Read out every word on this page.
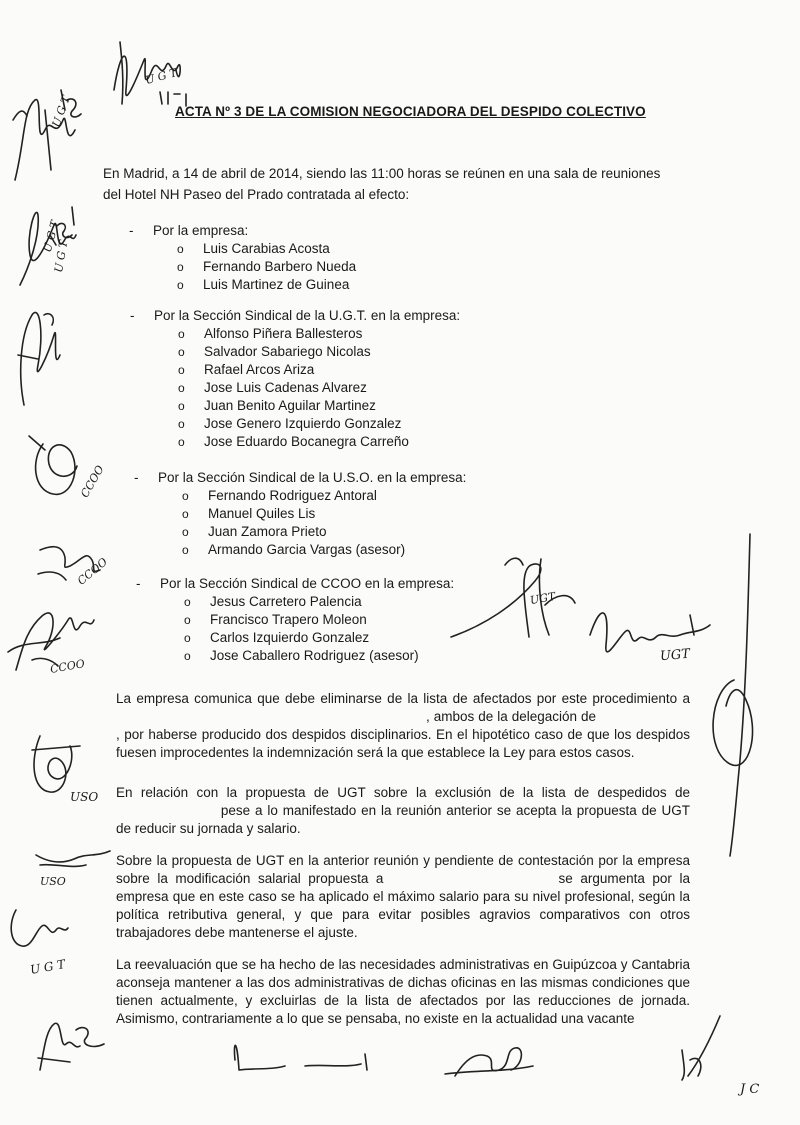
U G T
U G T
U G T
U G T
CCOO
CCOO
CCOO
USO
USO
UGT
UGT
U G T
J C
ACTA Nº 3 DE LA COMISION NEGOCIADORA DEL DESPIDO COLECTIVO
En Madrid, a 14 de abril de 2014, siendo las 11:00 horas se reúnen en una sala de reuniones
del Hotel NH Paseo del Prado contratada al efecto:
- Por la empresa:
o Luis Carabias Acosta
o Fernando Barbero Nueda
o Luis Martinez de Guinea
- Por la Sección Sindical de la U.G.T. en la empresa:
o Alfonso Piñera Ballesteros
o Salvador Sabariego Nicolas
o Rafael Arcos Ariza
o Jose Luis Cadenas Alvarez
o Juan Benito Aguilar Martinez
o Jose Genero Izquierdo Gonzalez
o Jose Eduardo Bocanegra Carreño
- Por la Sección Sindical de la U.S.O. en la empresa:
o Fernando Rodriguez Antoral
o Manuel Quiles Lis
o Juan Zamora Prieto
o Armando Garcia Vargas (asesor)
- Por la Sección Sindical de CCOO en la empresa:
o Jesus Carretero Palencia
o Francisco Trapero Moleon
o Carlos Izquierdo Gonzalez
o Jose Caballero Rodriguez (asesor)
La empresa comunica que debe eliminarse de la lista de afectados por este procedimiento a , ambos de la delegación de , por haberse producido dos despidos disciplinarios. En el hipotético caso de que los despidos fuesen improcedentes la indemnización será la que establece la Ley para estos casos.
En relación con la propuesta de UGT sobre la exclusión de la lista de despedidos de  pese a lo manifestado en la reunión anterior se acepta la propuesta de UGT de reducir su jornada y salario.
Sobre la propuesta de UGT en la anterior reunión y pendiente de contestación por la empresa sobre la modificación salarial propuesta a	se argumenta por la empresa que en este caso se ha aplicado el máximo salario para su nivel profesional, según la política retributiva general, y que para evitar posibles agravios comparativos con otros trabajadores debe mantenerse el ajuste.
La reevaluación que se ha hecho de las necesidades administrativas en Guipúzcoa y Cantabria aconseja mantener a las dos administrativas de dichas oficinas en las mismas condiciones que tienen actualmente, y excluirlas de la lista de afectados por las reducciones de jornada. Asimismo, contrariamente a lo que se pensaba, no existe en la actualidad una vacante
